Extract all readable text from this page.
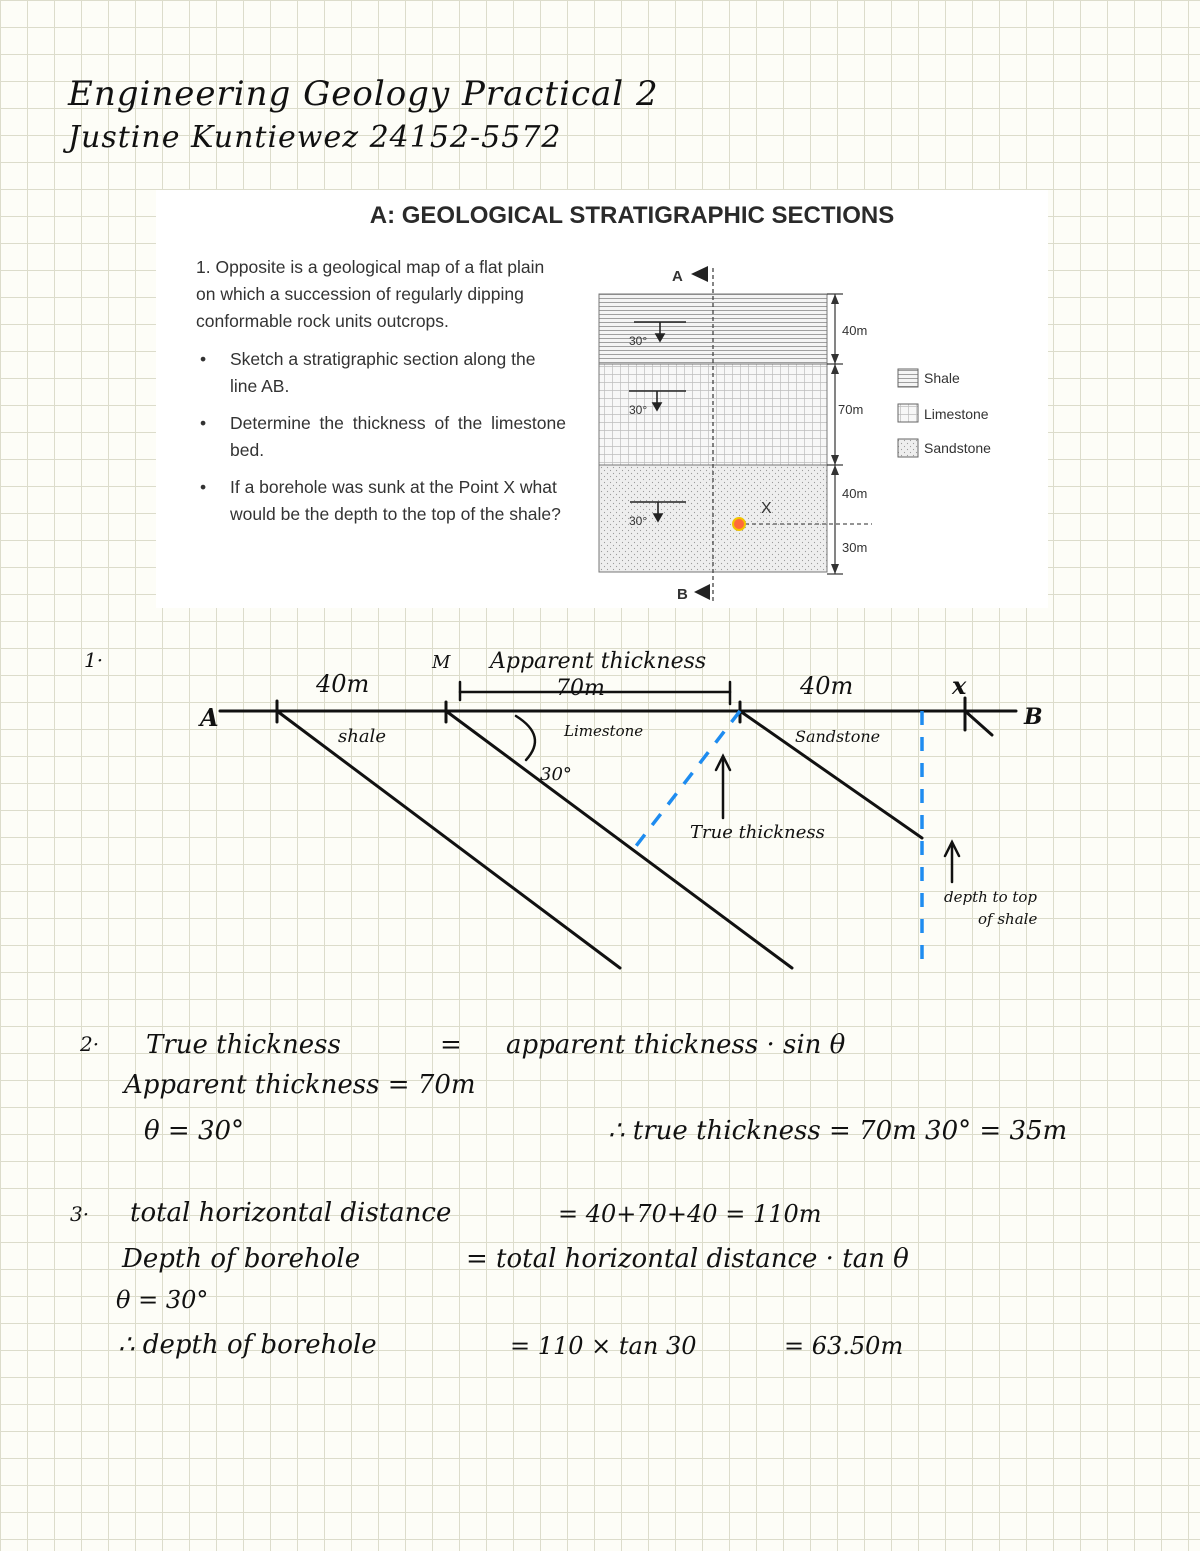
Engineering Geology Practical 2
Justine Kuntiewez 24152-5572
A: GEOLOGICAL STRATIGRAPHIC SECTIONS
1. Opposite is a geological map of a flat plain on which a succession of regularly dipping conformable rock units outcrops.
• Sketch a stratigraphic section along the line AB.
• Determine the thickness of the limestone bed.
• If a borehole was sunk at the Point X what would be the depth to the top of the shale?
30°
30°
30°
A
B
X
40m
70m
40m
30m
Shale
Limestone
Sandstone
1·
A	B
x
M
40m
Apparent thickness
70m	40m
shale	Limestone	Sandstone
30°
True thickness
depth to top
of shale
2· True thickness	= apparent thickness · sin θ
Apparent thickness = 70m
θ = 30°	∴ true thickness = 70m 30° = 35m
3· total horizontal distance	= 40+70+40 = 110m
Depth of borehole	= total horizontal distance · tan θ
θ = 30°
∴ depth of borehole	= 110 × tan 30	= 63.50m
